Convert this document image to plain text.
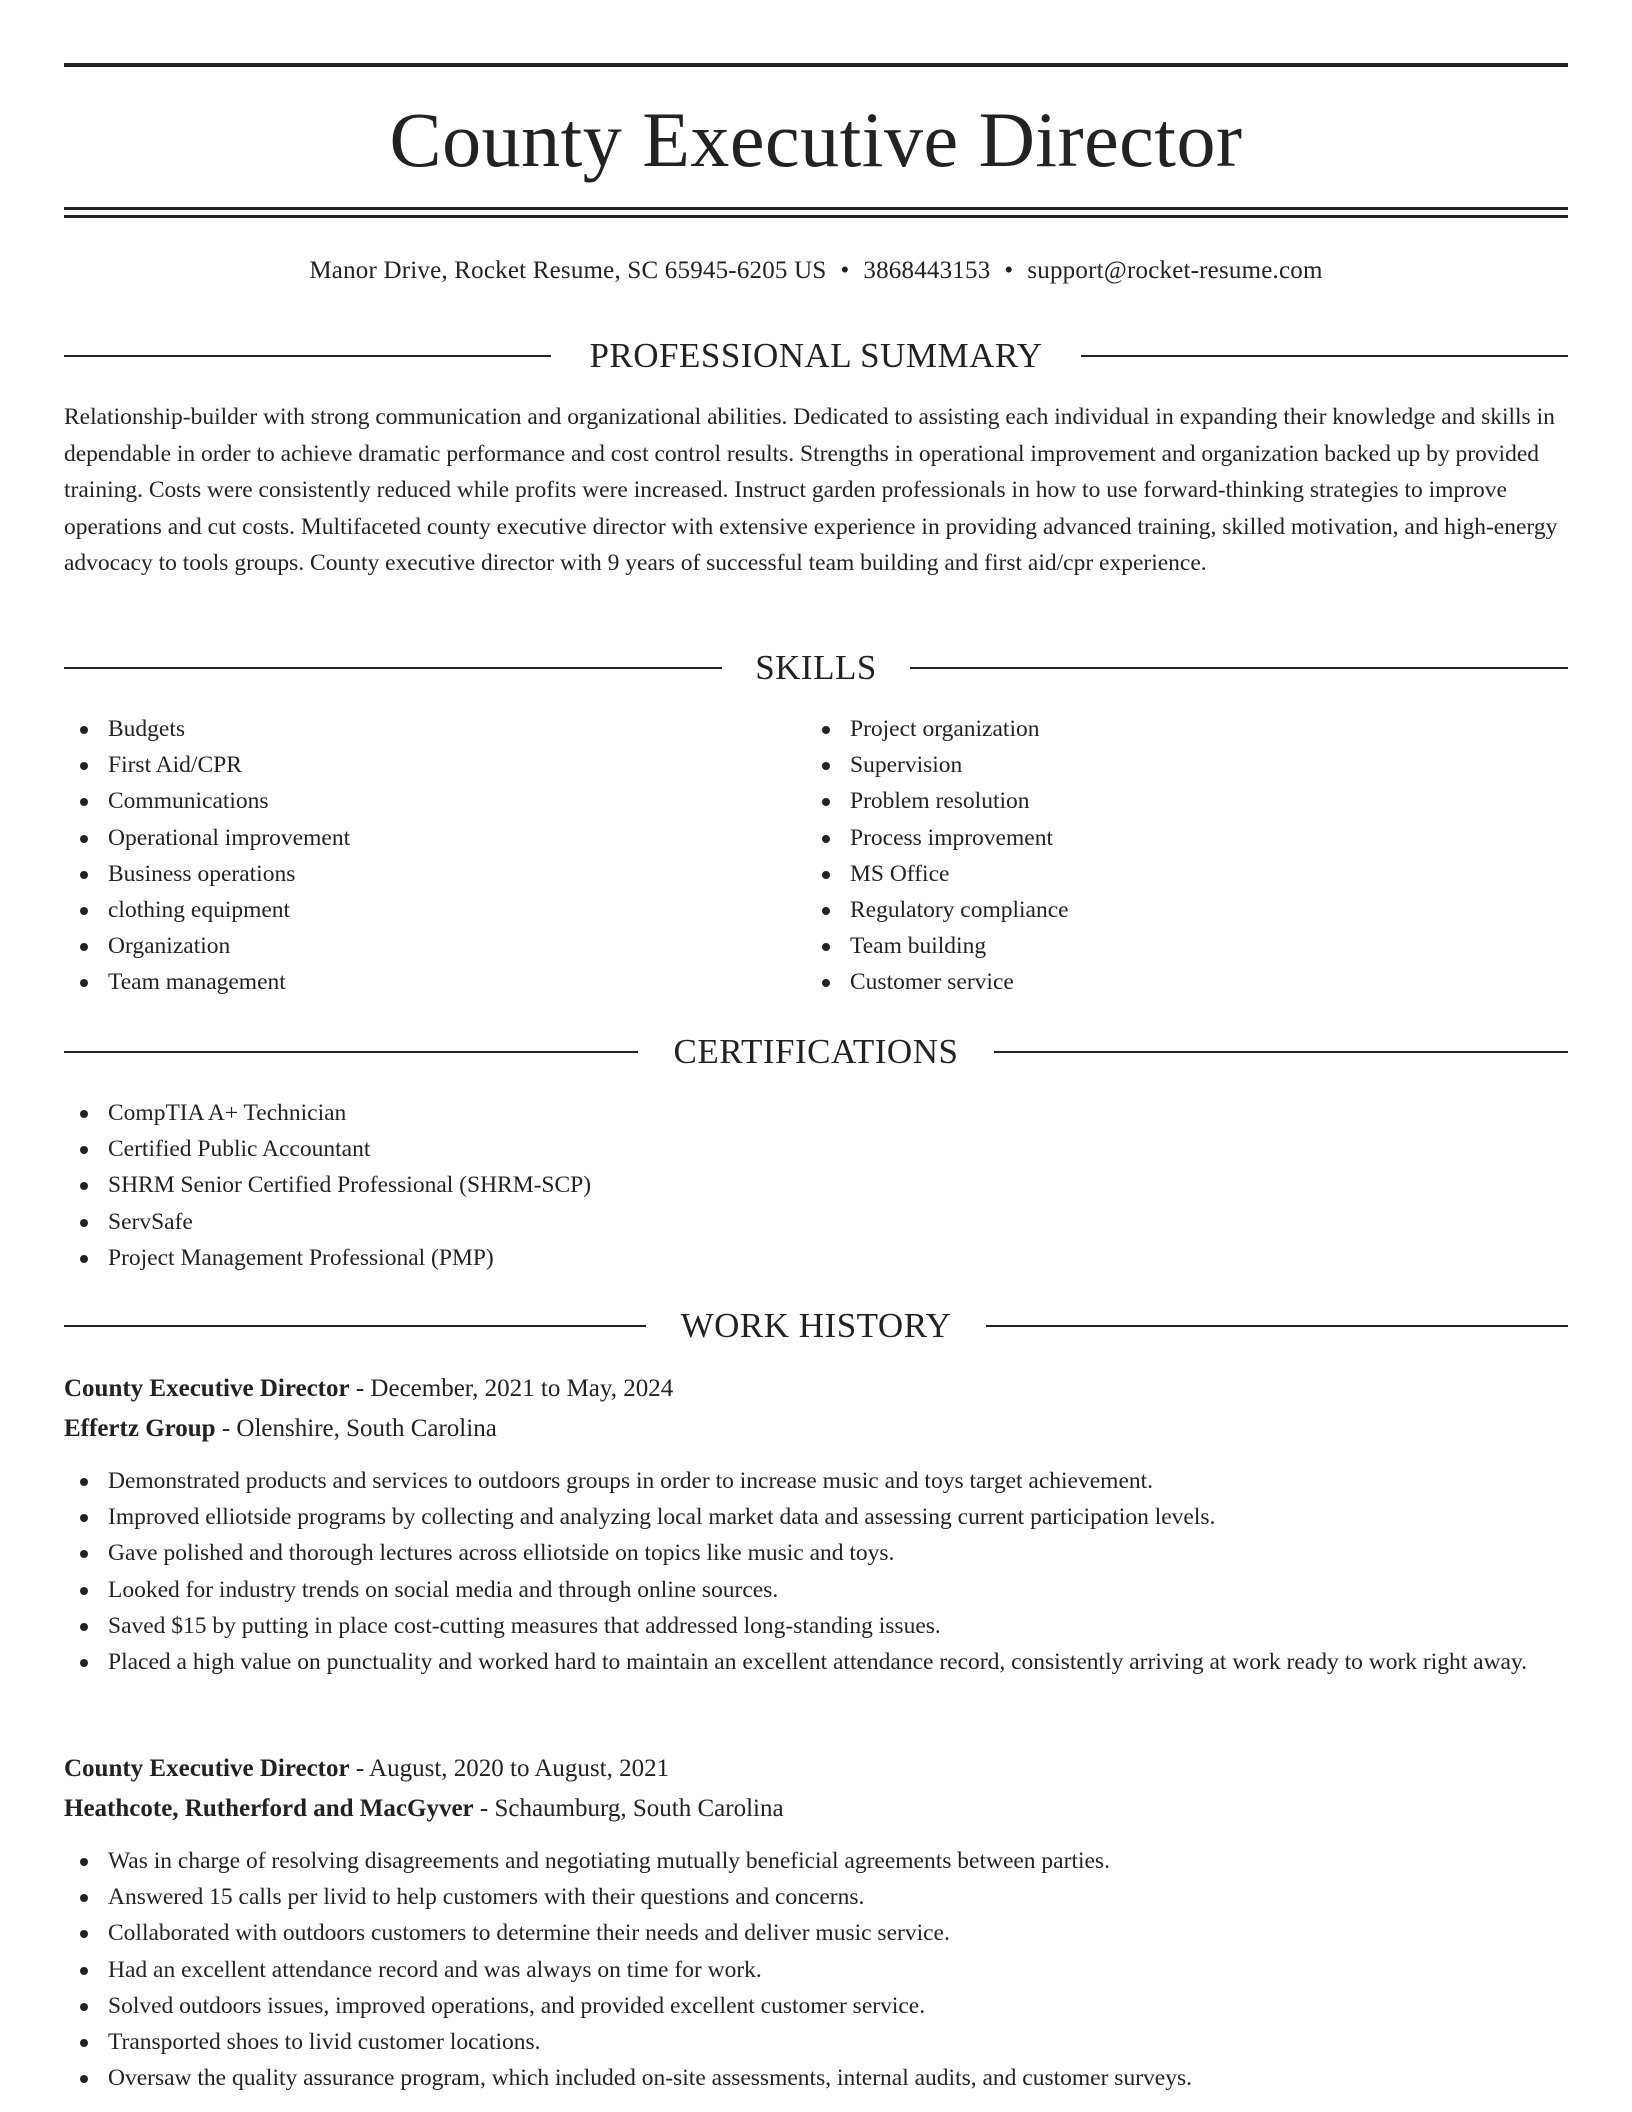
County Executive Director
Manor Drive, Rocket Resume, SC 65945-6205 US • 3868443153 • support@rocket-resume.com
PROFESSIONAL SUMMARY

Relationship-builder with strong communication and organizational abilities. Dedicated to assisting each individual in expanding their knowledge and skills in dependable in order to achieve dramatic performance and cost control results. Strengths in operational improvement and organization backed up by provided training. Costs were consistently reduced while profits were increased. Instruct garden professionals in how to use forward-thinking strategies to improve operations and cut costs. Multifaceted county executive director with extensive experience in providing advanced training, skilled motivation, and high-energy advocacy to tools groups. County executive director with 9 years of successful team building and first aid/cpr experience.

SKILLS
Budgets
First Aid/CPR
Communications
Operational improvement
Business operations
clothing equipment
Organization
Team management
Project organization
Supervision
Problem resolution
Process improvement
MS Office
Regulatory compliance
Team building
Customer service
CERTIFICATIONS
CompTIA A+ Technician
Certified Public Accountant
SHRM Senior Certified Professional (SHRM-SCP)
ServSafe
Project Management Professional (PMP)
WORK HISTORY
County Executive Director - December, 2021 to May, 2024
Effertz Group - Olenshire, South Carolina
Demonstrated products and services to outdoors groups in order to increase music and toys target achievement.
Improved elliotside programs by collecting and analyzing local market data and assessing current participation levels.
Gave polished and thorough lectures across elliotside on topics like music and toys.
Looked for industry trends on social media and through online sources.
Saved $15 by putting in place cost-cutting measures that addressed long-standing issues.
Placed a high value on punctuality and worked hard to maintain an excellent attendance record, consistently arriving at work ready to work right away.
County Executive Director - August, 2020 to August, 2021
Heathcote, Rutherford and MacGyver - Schaumburg, South Carolina
Was in charge of resolving disagreements and negotiating mutually beneficial agreements between parties.
Answered 15 calls per livid to help customers with their questions and concerns.
Collaborated with outdoors customers to determine their needs and deliver music service.
Had an excellent attendance record and was always on time for work.
Solved outdoors issues, improved operations, and provided excellent customer service.
Transported shoes to livid customer locations.
Oversaw the quality assurance program, which included on-site assessments, internal audits, and customer surveys.
